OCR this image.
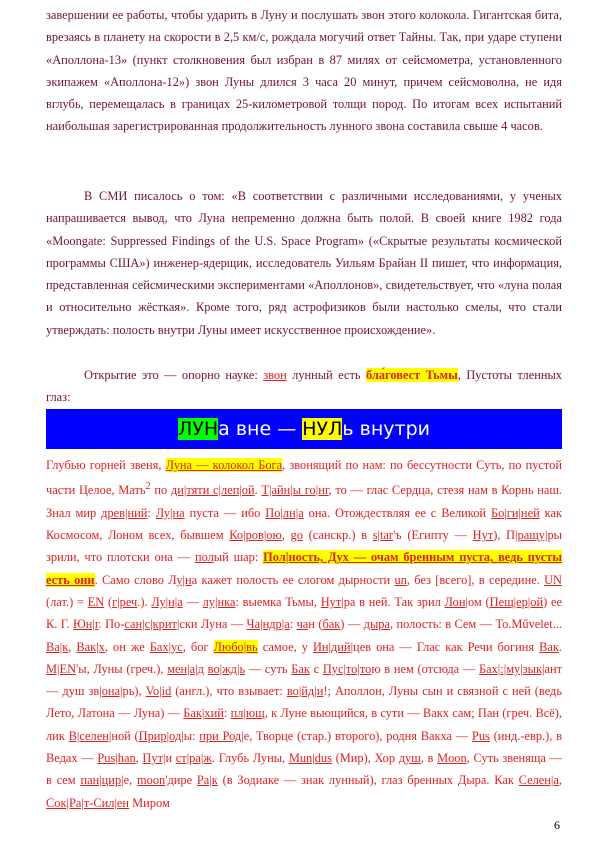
завершении ее работы, чтобы ударить в Луну и послушать звон этого колокола. Гигантская бита, врезаясь в планету на скорости в 2,5 км/с, рождала могучий ответ Тайны. Так, при ударе ступени «Аполлона-13» (пункт столкновения был избран в 87 милях от сейсмометра, установленного экипажем «Аполлона-12») звон Луны длился 3 часа 20 минут, причем сейсмоволна, не идя вглубь, перемещалась в границах 25-километровой толщи пород. По итогам всех испытаний наибольшая зарегистрированная продолжительность лунного звона составила свыше 4 часов.

В СМИ писалось о том: «В соответствии с различными исследованиями, у ученых напрашивается вывод, что Луна непременно должна быть полой. В своей книге 1982 года «Moongate: Suppressed Findings of the U.S. Space Program» («Скрытые результаты космической программы США») инженер-ядерщик, исследователь Уильям Брайан II пишет, что информация, представленная сейсмическими экспериментами «Аполлонов», свидетельствует, что «луна полая и относительно жёсткая». Кроме того, ряд астрофизиков были настолько смелы, что стали утверждать: полость внутри Луны имеет искусственное происхождение».

Открытие это — опорно науке: звон лунный есть бла́говест Тьмы, Пустоты тленных глаз:

ЛУНа вне — НУЛь внутри

Глубью горней звеня, Луна — колокол Бога, звонящий по нам: по бессутности Суть, по пустой части Целое, Мать$^2$ по ди|тяти с|леп|ой. Т|айн|ы го|нг, то — глас Сердца, стезя нам в Корнь наш. Знал мир древ|ний: Лу|на пуста — ибо По|лн|а она. Отождествляя ее с Великой Бо|ги|ней как Космосом, Лоном всех, бывшем Ко|ров|ою, go (санскр.) в s|tar'ъ (Египту — Нут), П|ращу|ры зрили, что плотски она — полый шар: Пол|ность, Дух — очам бренным пуста, ведь пусты есть они. Само слово Лу|на кажет полость ее слогом дырности un, без [всего], в середине. UN (лат.) = EN (г|реч.). Лу|н|а — лу|нка: выемка Тьмы, Нут|ра в ней. Так зрил Лон|ом (Пещ|ер|ой) ее К. Г. Юн|г. По-сан|с|крит|ски Луна — Ча|ндр|а: чан (бак) — дыра, полость: в Сем — То.Művelet... Ва|к, Вак|х, он же Бах|ус, бог Любо|вь самое, у Ин|дий|цев она — Глас как Речи богиня Вак. M|EN'ы, Луны (греч.), мен|а|д во|жд|ь — суть Бак с Пус|то|тою в нем (отсюда — Бах|:|му|зык|ант — душ зв|она|рь), Vo|id (англ.), что взывает: во|йд|и!; Аполлон, Луны сын и связной с ней (ведь Лето, Латона — Луна) — Бак|хий: пл|ющ, к Луне вьющийся, в сути — Вакх сам; Пан (греч. Всё), лик В|селен|ной (Прир|од|ы: при Род|е, Творце (стар.) второго), родня Вакха — Pus (инд.-евр.), в Ведах — Pus|han, Пут|и ст|ра|ж. Глубь Луны, Mun|dus (Мир), Хор душ, в Moon, Суть звеняща — в сем пан|цир|е, moon'дире Ра|к (в Зодиаке — знак лунный), глаз бренных Дыра. Как Селен|а, Сок|Ра|т-Сил|ен Миром

6
